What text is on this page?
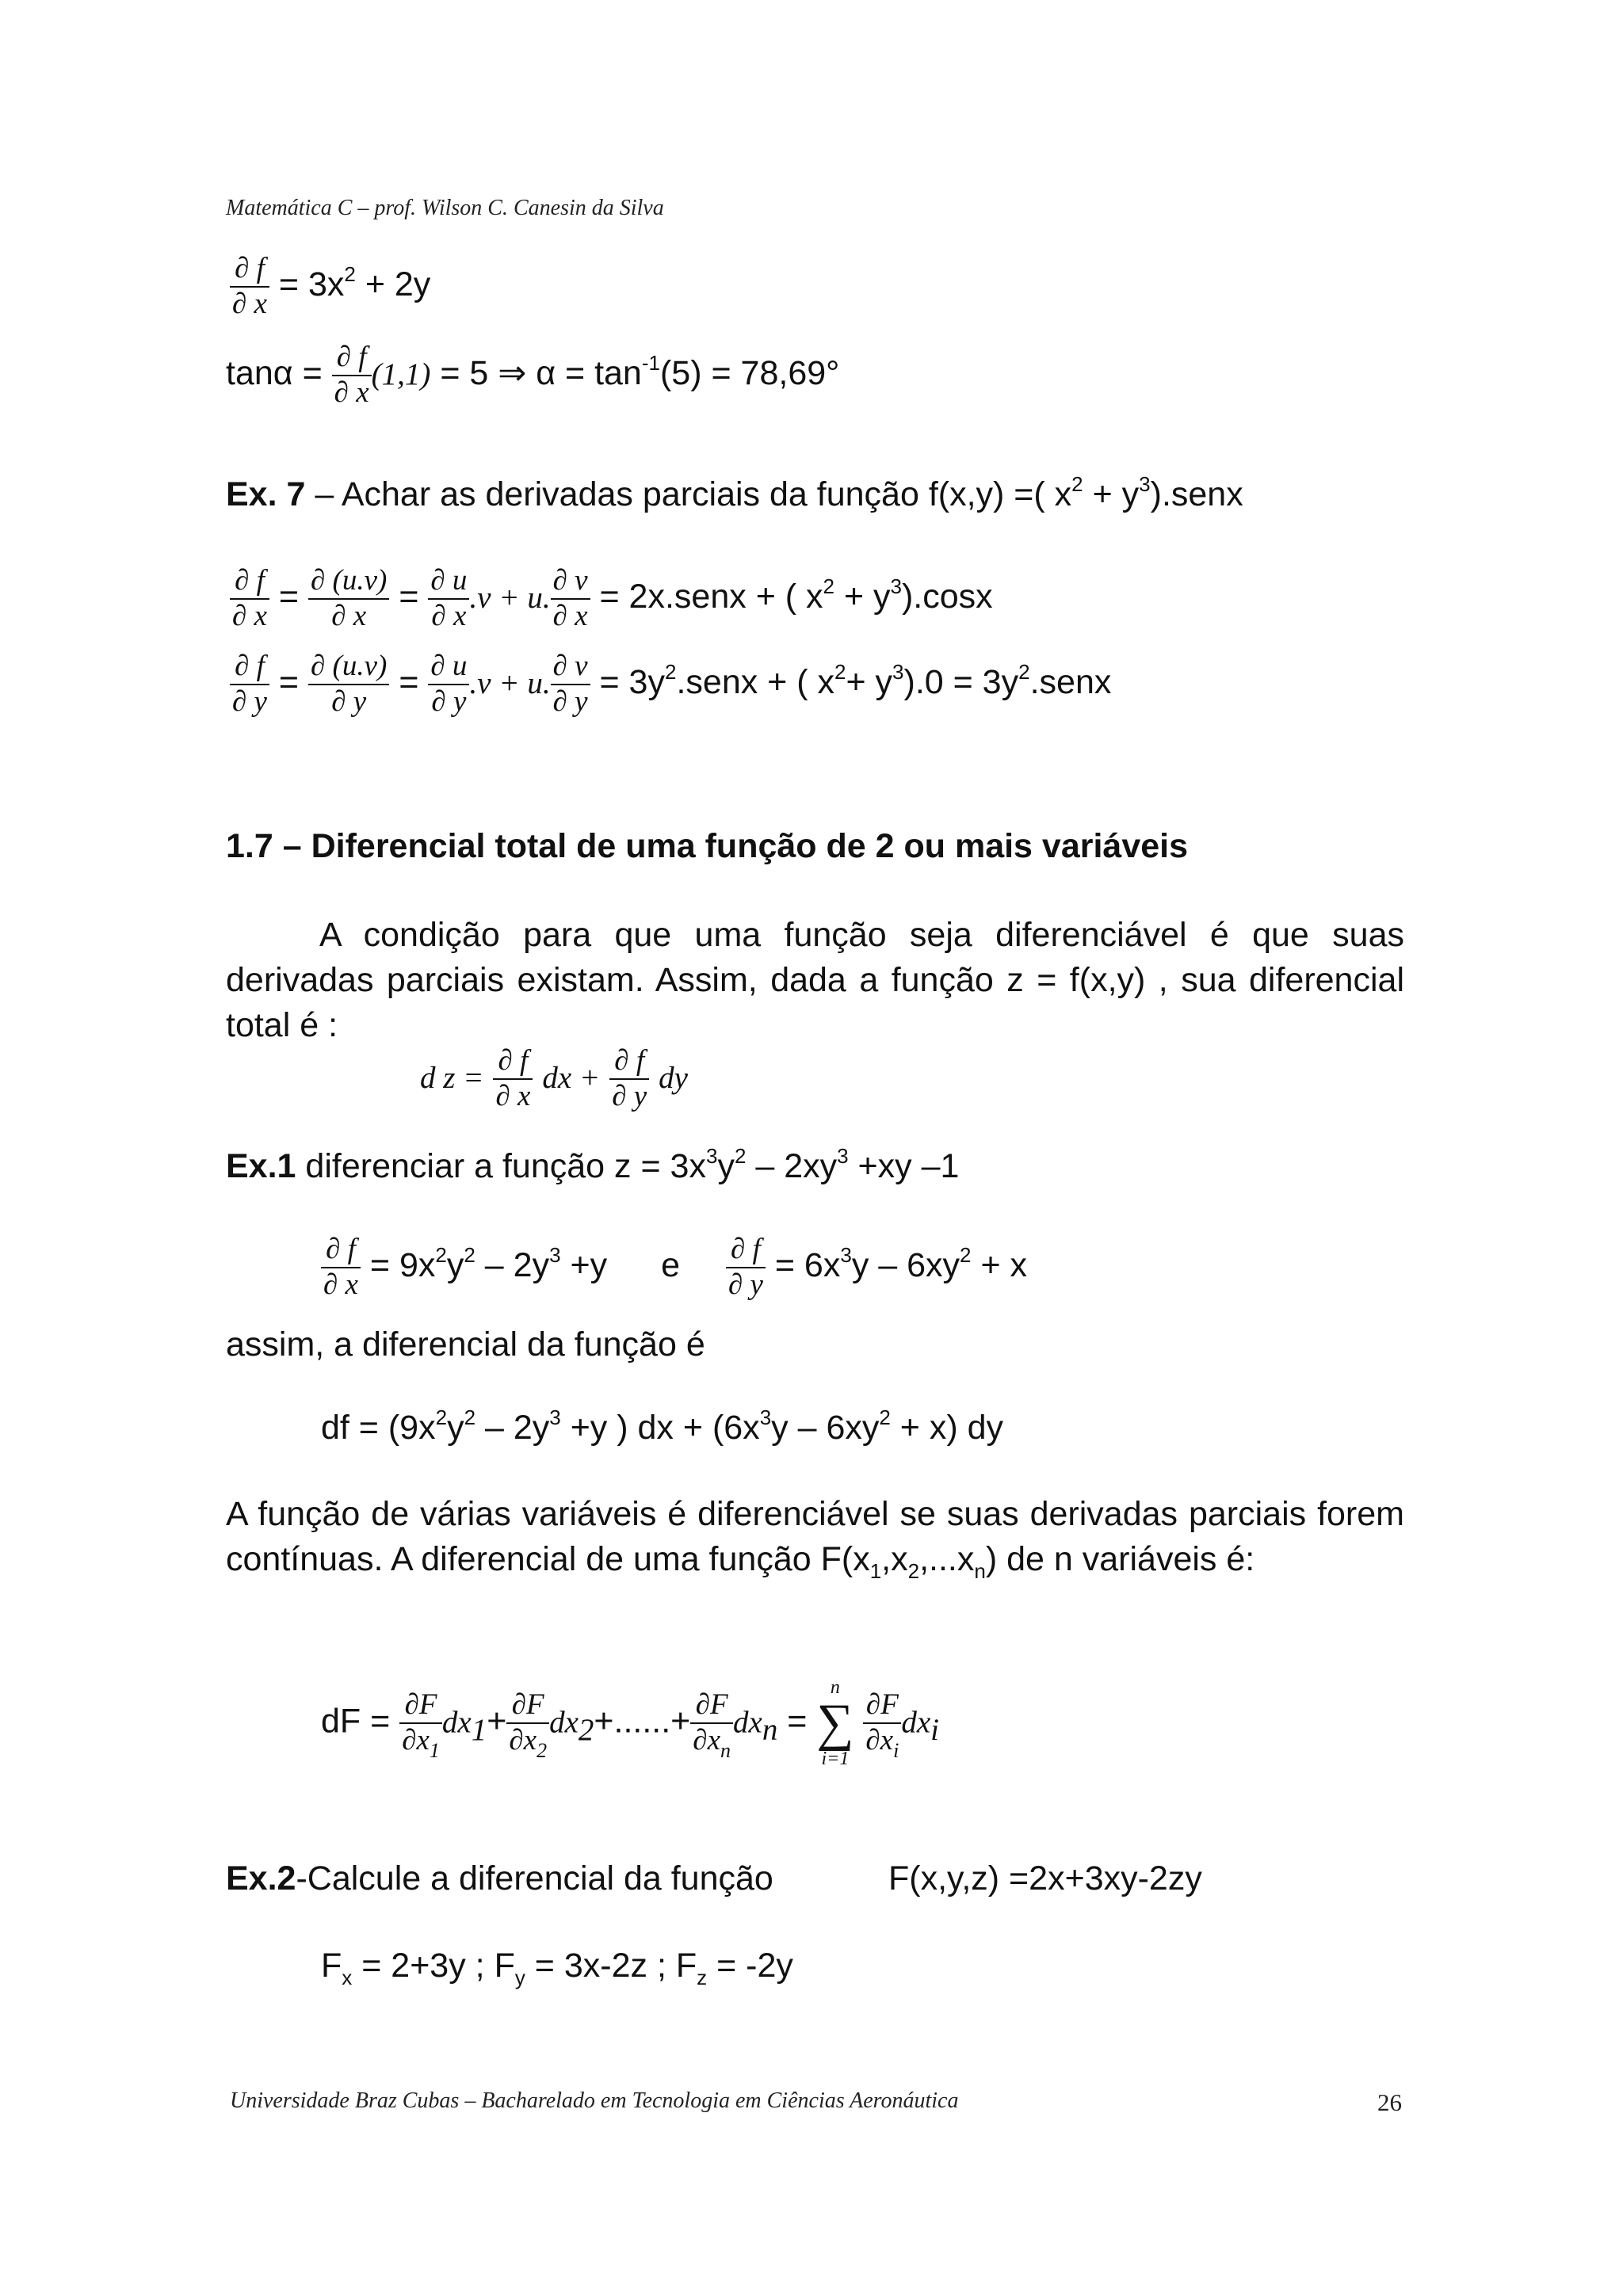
Matemática C – prof. Wilson C. Canesin da Silva
$\frac{\partial f}{\partial x} = 3x^2 + 2y$
$\tan\alpha = \frac{\partial f}{\partial x} (1,1) = 5$ ⇒ $\alpha = \tan^{-1}(5) = 78,69^\circ$
Ex. 7 – Achar as derivadas parciais da função f(x,y) =( $x^2$ + $y^3).senx$
$\frac{\partial f}{\partial x} = \frac{\partial (u.v)}{\partial x} = \frac{\partial u}{\partial x} .v + u$. $\frac{\partial v}{\partial x}$ = 2x.senx + ( $x^2 + y^3).\cos x$
$\frac{\partial f}{\partial y} = \frac{\partial (u.v)}{\partial y} = \frac{\partial u}{\partial y} .v + u$. $\frac{\partial v}{\partial y}$ = $3y^2.senx$ + ( $x^2+ y^3).0$ = $3y^2.senx$
1.7 – Diferencial total de uma função de 2 ou mais variáveis
A condição para que uma função seja diferenciável é que suas derivadas parciais existam. Assim, dada a função z = f(x,y) , sua diferencial total é :
d $z = \frac{\partial f}{\partial x}$ dx + $\frac{\partial f}{\partial y}$ dy
Ex.1 diferenciar a função $z = 3x^3y^2 - 2xy^3 +xy$ –1
$\frac{\partial f}{\partial x} = 9x^2y^2 - 2y^3 +y$ e $\frac{\partial f}{\partial y} = 6x^3y - 6xy^2 + x$
assim, a diferencial da função é
df = ($9x^2y^2 - 2y^3 +y$ ) dx + $(6x^3y - 6xy^2 + x)$ dy
A função de várias variáveis é diferenciável se suas derivadas parciais forem contínuas. A diferencial de uma função $F(x_1,x_2,...x_n)$ de n variáveis é:
dF = $\frac{\partial F}{\partial x_1} dx1+ \frac{\partial F}{\partial x_2} dx2+......+ \frac{\partial F}{\partial x_n}$ dxn =
n
∑
i=1

$\frac{\partial F}{\partial x_i}$ dxi
Ex.2-Calcule a diferencial da função	F(x,y,z) =2x+3xy-2zy
$F_x = 2+3y$ ; $F_y = 3x-2z$ ; $F_z = -2y$
Universidade Braz Cubas – Bacharelado em Tecnologia em Ciências Aeronáutica	26
